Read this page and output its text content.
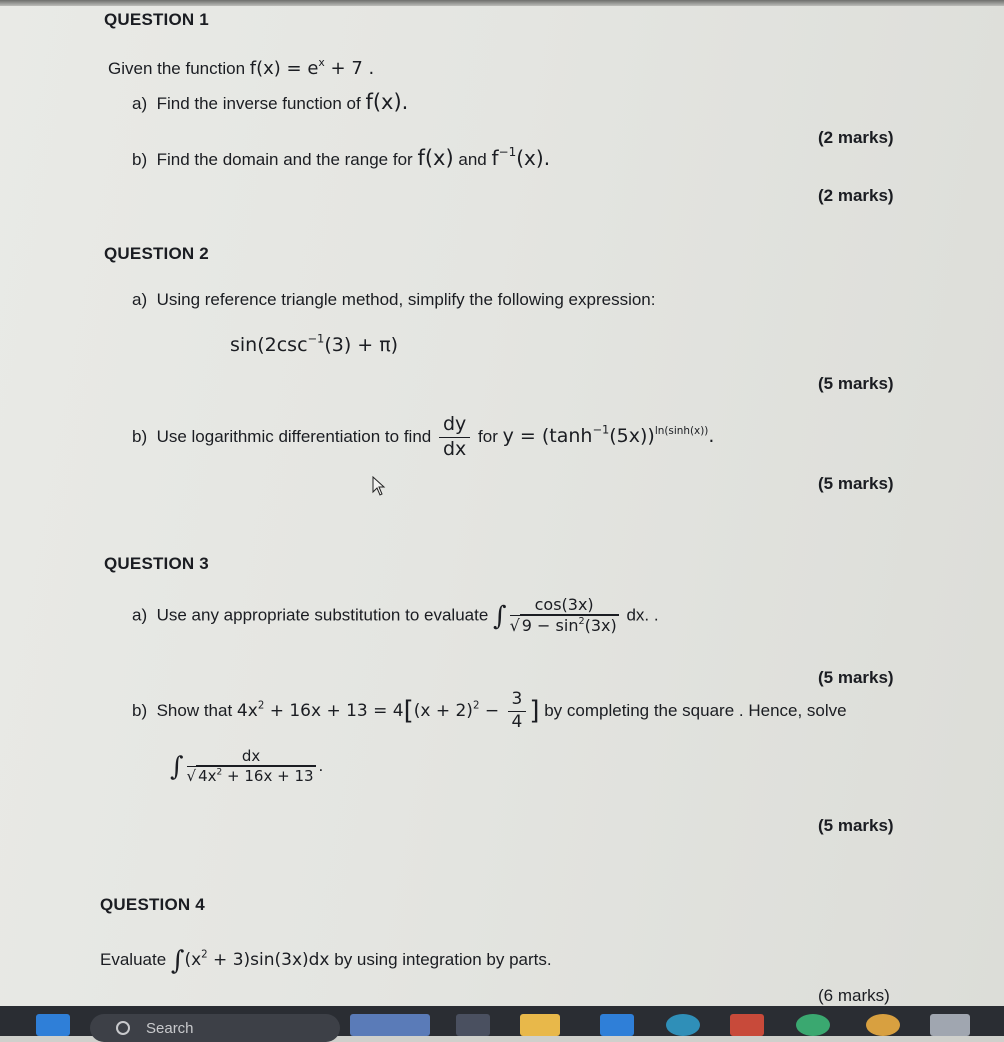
QUESTION 1
Given the function $f(x) = e^x + 7$ .
a) Find the inverse function of f(x).
(2 marks)
b) Find the domain and the range for f(x) and $f^{-1}(x)$.
(2 marks)
QUESTION 2
a) Using reference triangle method, simplify the following expression:
$\sin(2\csc^{-1}(3) + \pi)$
(5 marks)
b) Use logarithmic differentiation to find $\frac{dy}{dx}$ for $y = (\tanh^{-1}(5x))^{ln(sinh(x))}$.
(5 marks)
QUESTION 3
a) Use any appropriate substitution to evaluate ∫ $\frac{\cos(3x)}{√ 9 - \sin^2(3x)}$ dx. .
(5 marks)
b) Show that $4x^2 + 16x + 13 = 4[(x + 2)^2 - \frac{3}{4}$ ] by completing the square . Hence, solve
∫ $\frac{dx}{√ 4x^2 + 16x + 13}$ .
(5 marks)
QUESTION 4
Evaluate $\int(x^2 + 3)\sin(3x)dx$ by using integration by parts.
(6 marks)
Search
